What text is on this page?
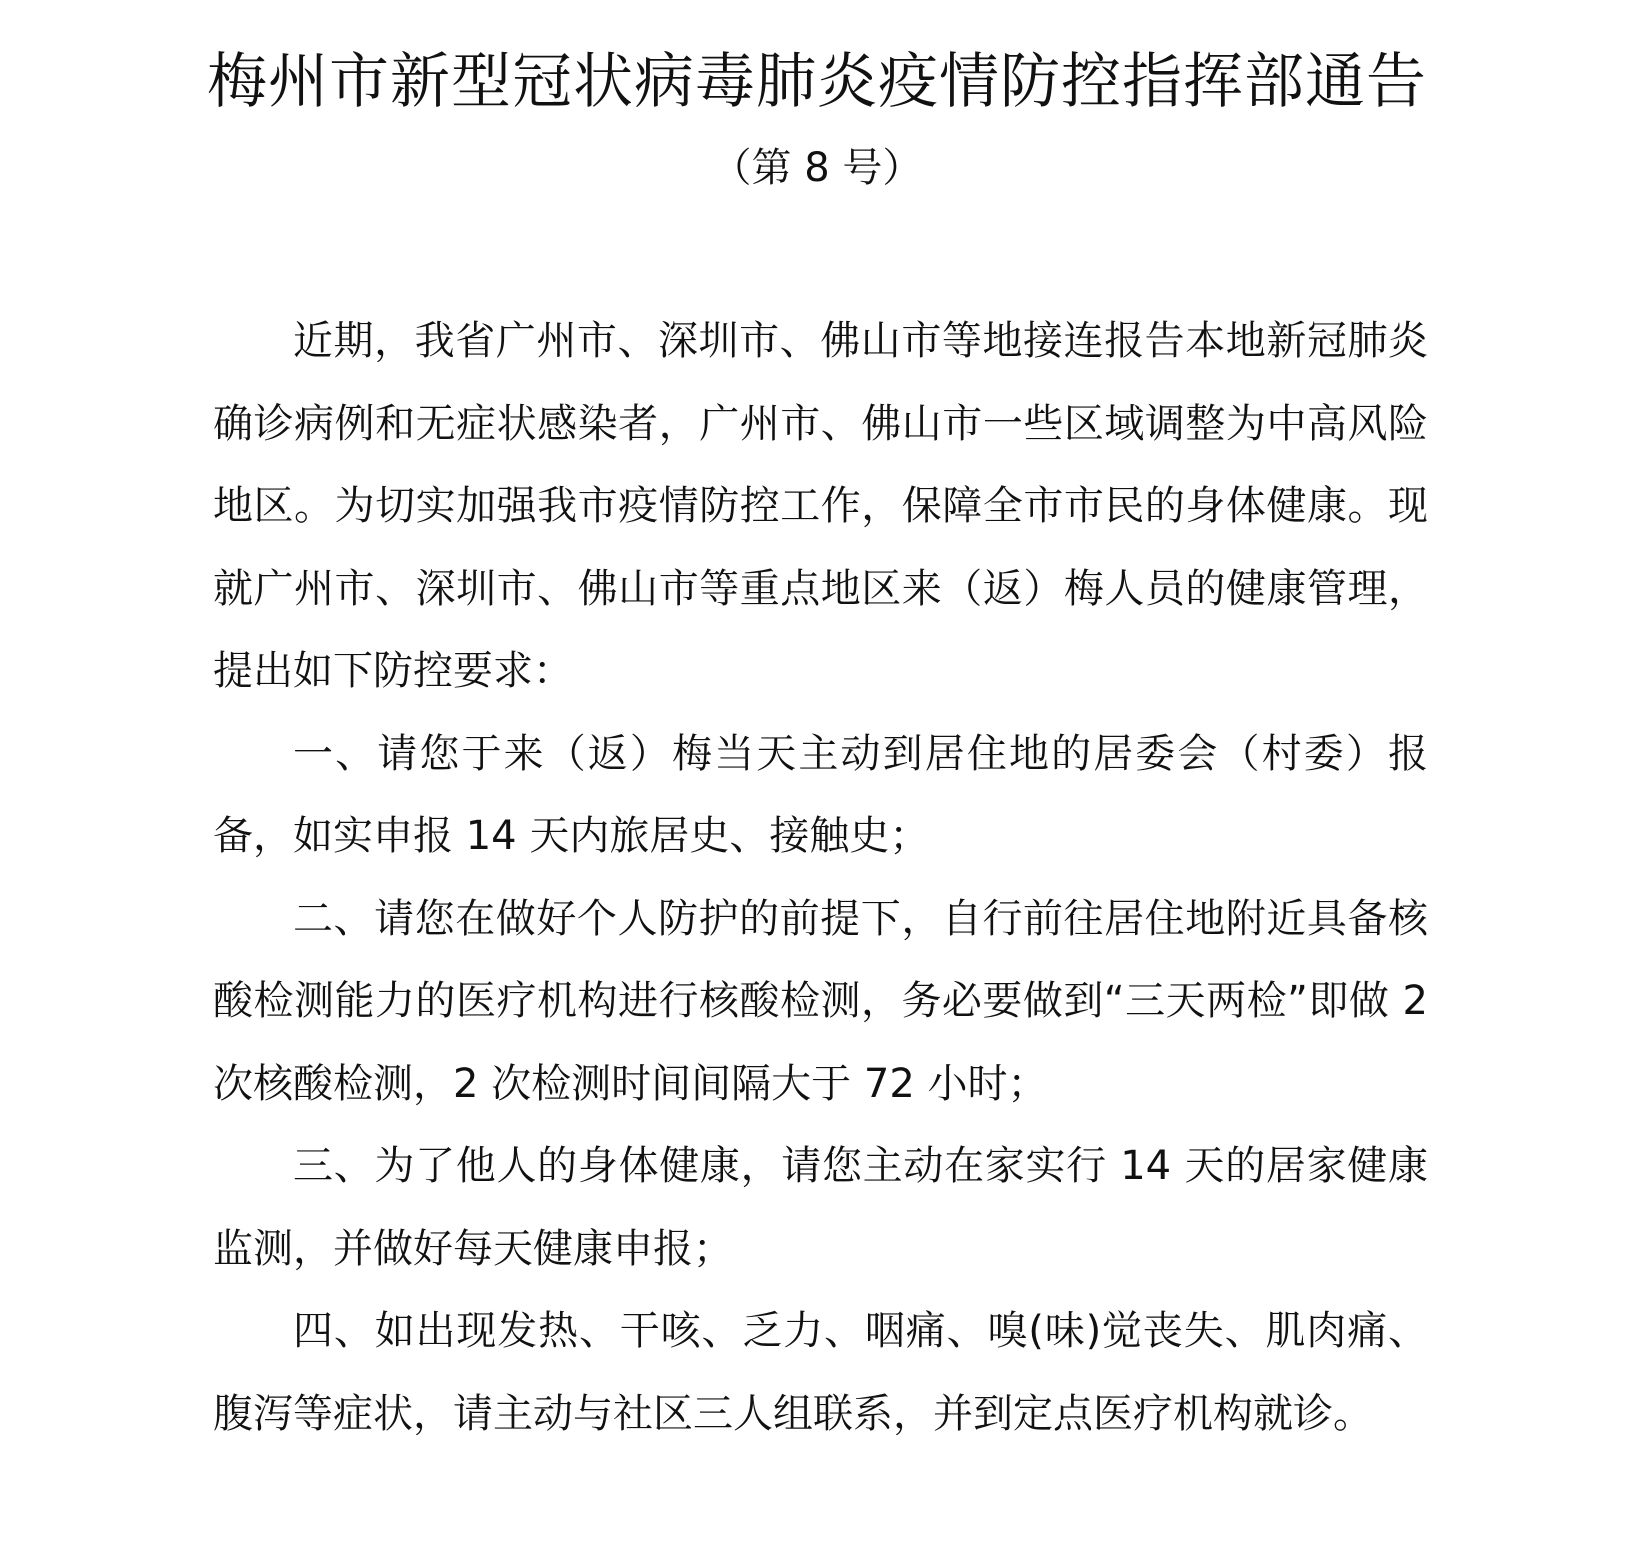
梅州市新型冠状病毒肺炎疫情防控指挥部通告
（第 8 号）

近期，我省广州市、深圳市、佛山市等地接连报告本地新冠肺炎确诊病例和无症状感染者，广州市、佛山市一些区域调整为中高风险地区。为切实加强我市疫情防控工作，保障全市市民的身体健康。现就广州市、深圳市、佛山市等重点地区来（返）梅人员的健康管理，提出如下防控要求：

一、请您于来（返）梅当天主动到居住地的居委会（村委）报备，如实申报 14 天内旅居史、接触史；

二、请您在做好个人防护的前提下，自行前往居住地附近具备核酸检测能力的医疗机构进行核酸检测，务必要做到“三天两检”即做 2 次核酸检测，2 次检测时间间隔大于 72 小时；

三、为了他人的身体健康，请您主动在家实行 14 天的居家健康监测，并做好每天健康申报；

四、如出现发热、干咳、乏力、咽痛、嗅(味)觉丧失、肌肉痛、腹泻等症状，请主动与社区三人组联系，并到定点医疗机构就诊。
